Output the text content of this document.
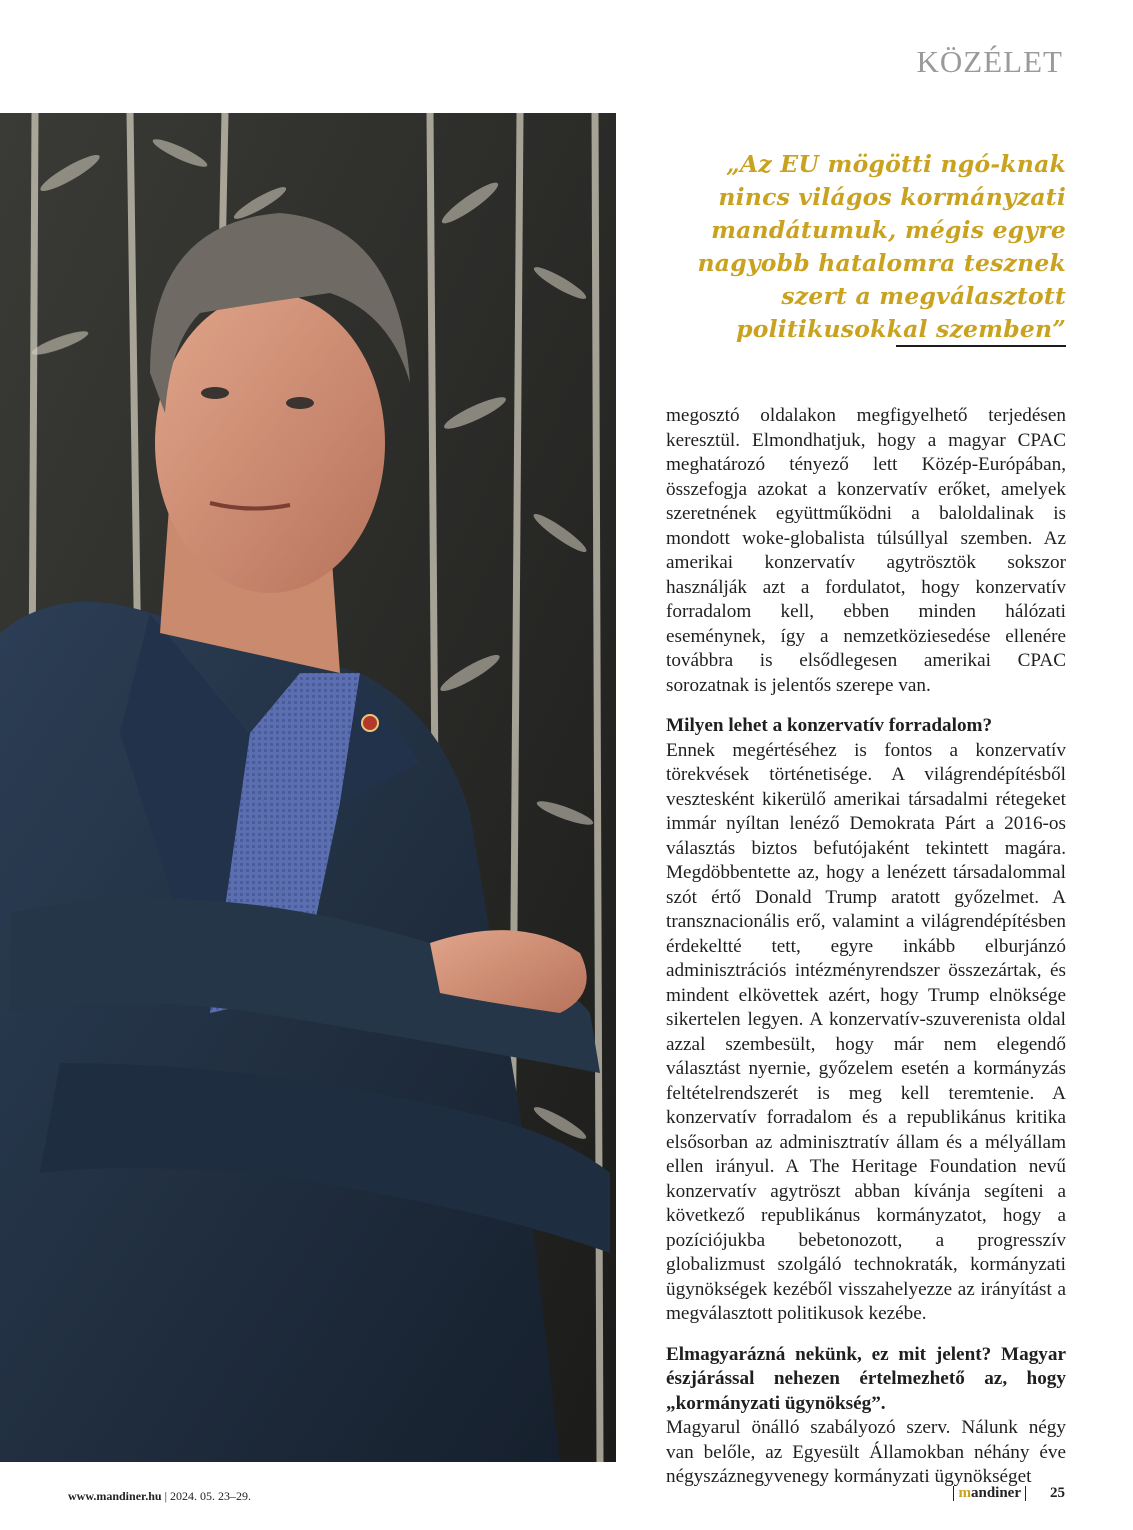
KÖZÉLET
„Az EU mögötti ngó-knak
nincs világos kormányzati
mandátumuk, mégis egyre
nagyobb hatalomra tesznek
szert a megválasztott
politikusokkal szemben”

megosztó oldalakon megfigyelhető terjedésen keresztül. Elmondhatjuk, hogy a magyar CPAC meghatározó tényező lett Közép-Európában, összefogja azokat a konzervatív erőket, amelyek szeretnének együttműködni a baloldalinak is mondott woke-globalista túlsúllyal szemben. Az amerikai konzervatív agytrösztök sokszor használják azt a fordulatot, hogy konzervatív forradalom kell, ebben minden hálózati eseménynek, így a nemzetköziesedése ellenére továbbra is elsődlegesen amerikai CPAC sorozatnak is jelentős szerepe van.

Milyen lehet a konzervatív forradalom?

Ennek megértéséhez is fontos a konzervatív törekvések történetisége. A világrendépítésből vesztesként kikerülő amerikai társadalmi rétegeket immár nyíltan lenéző Demokrata Párt a 2016-os választás biztos befutójaként tekintett magára. Megdöbbentette az, hogy a lenézett társadalommal szót értő Donald Trump aratott győzelmet. A transznacionális erő, valamint a világrendépítésben érdekeltté tett, egyre inkább elburjánzó adminisztrációs intézményrendszer összezártak, és mindent elkövettek azért, hogy Trump elnöksége sikertelen legyen. A konzervatív-szuverenista oldal azzal szembesült, hogy már nem elegendő választást nyernie, győzelem esetén a kormányzás feltételrendszerét is meg kell teremtenie. A konzervatív forradalom és a republikánus kritika elsősorban az adminisztratív állam és a mélyállam ellen irányul. A The Heritage Foundation nevű konzervatív agytröszt abban kívánja segíteni a következő republikánus kormányzatot, hogy a pozíciójukba bebetonozott, a progresszív globalizmust szolgáló technokraták, kormányzati ügynökségek kezéből visszahelyezze az irányítást a megválasztott politikusok kezébe.

Elmagyarázná nekünk, ez mit jelent? Magyar észjárással nehezen értelmezhető az, hogy „kormányzati ügynökség”.

Magyarul önálló szabályozó szerv. Nálunk négy van belőle, az Egyesült Államokban néhány éve négyszáznegyvenegy kormányzati ügynökséget

www.mandiner.hu | 2024. 05. 23–29.	mandiner	25
